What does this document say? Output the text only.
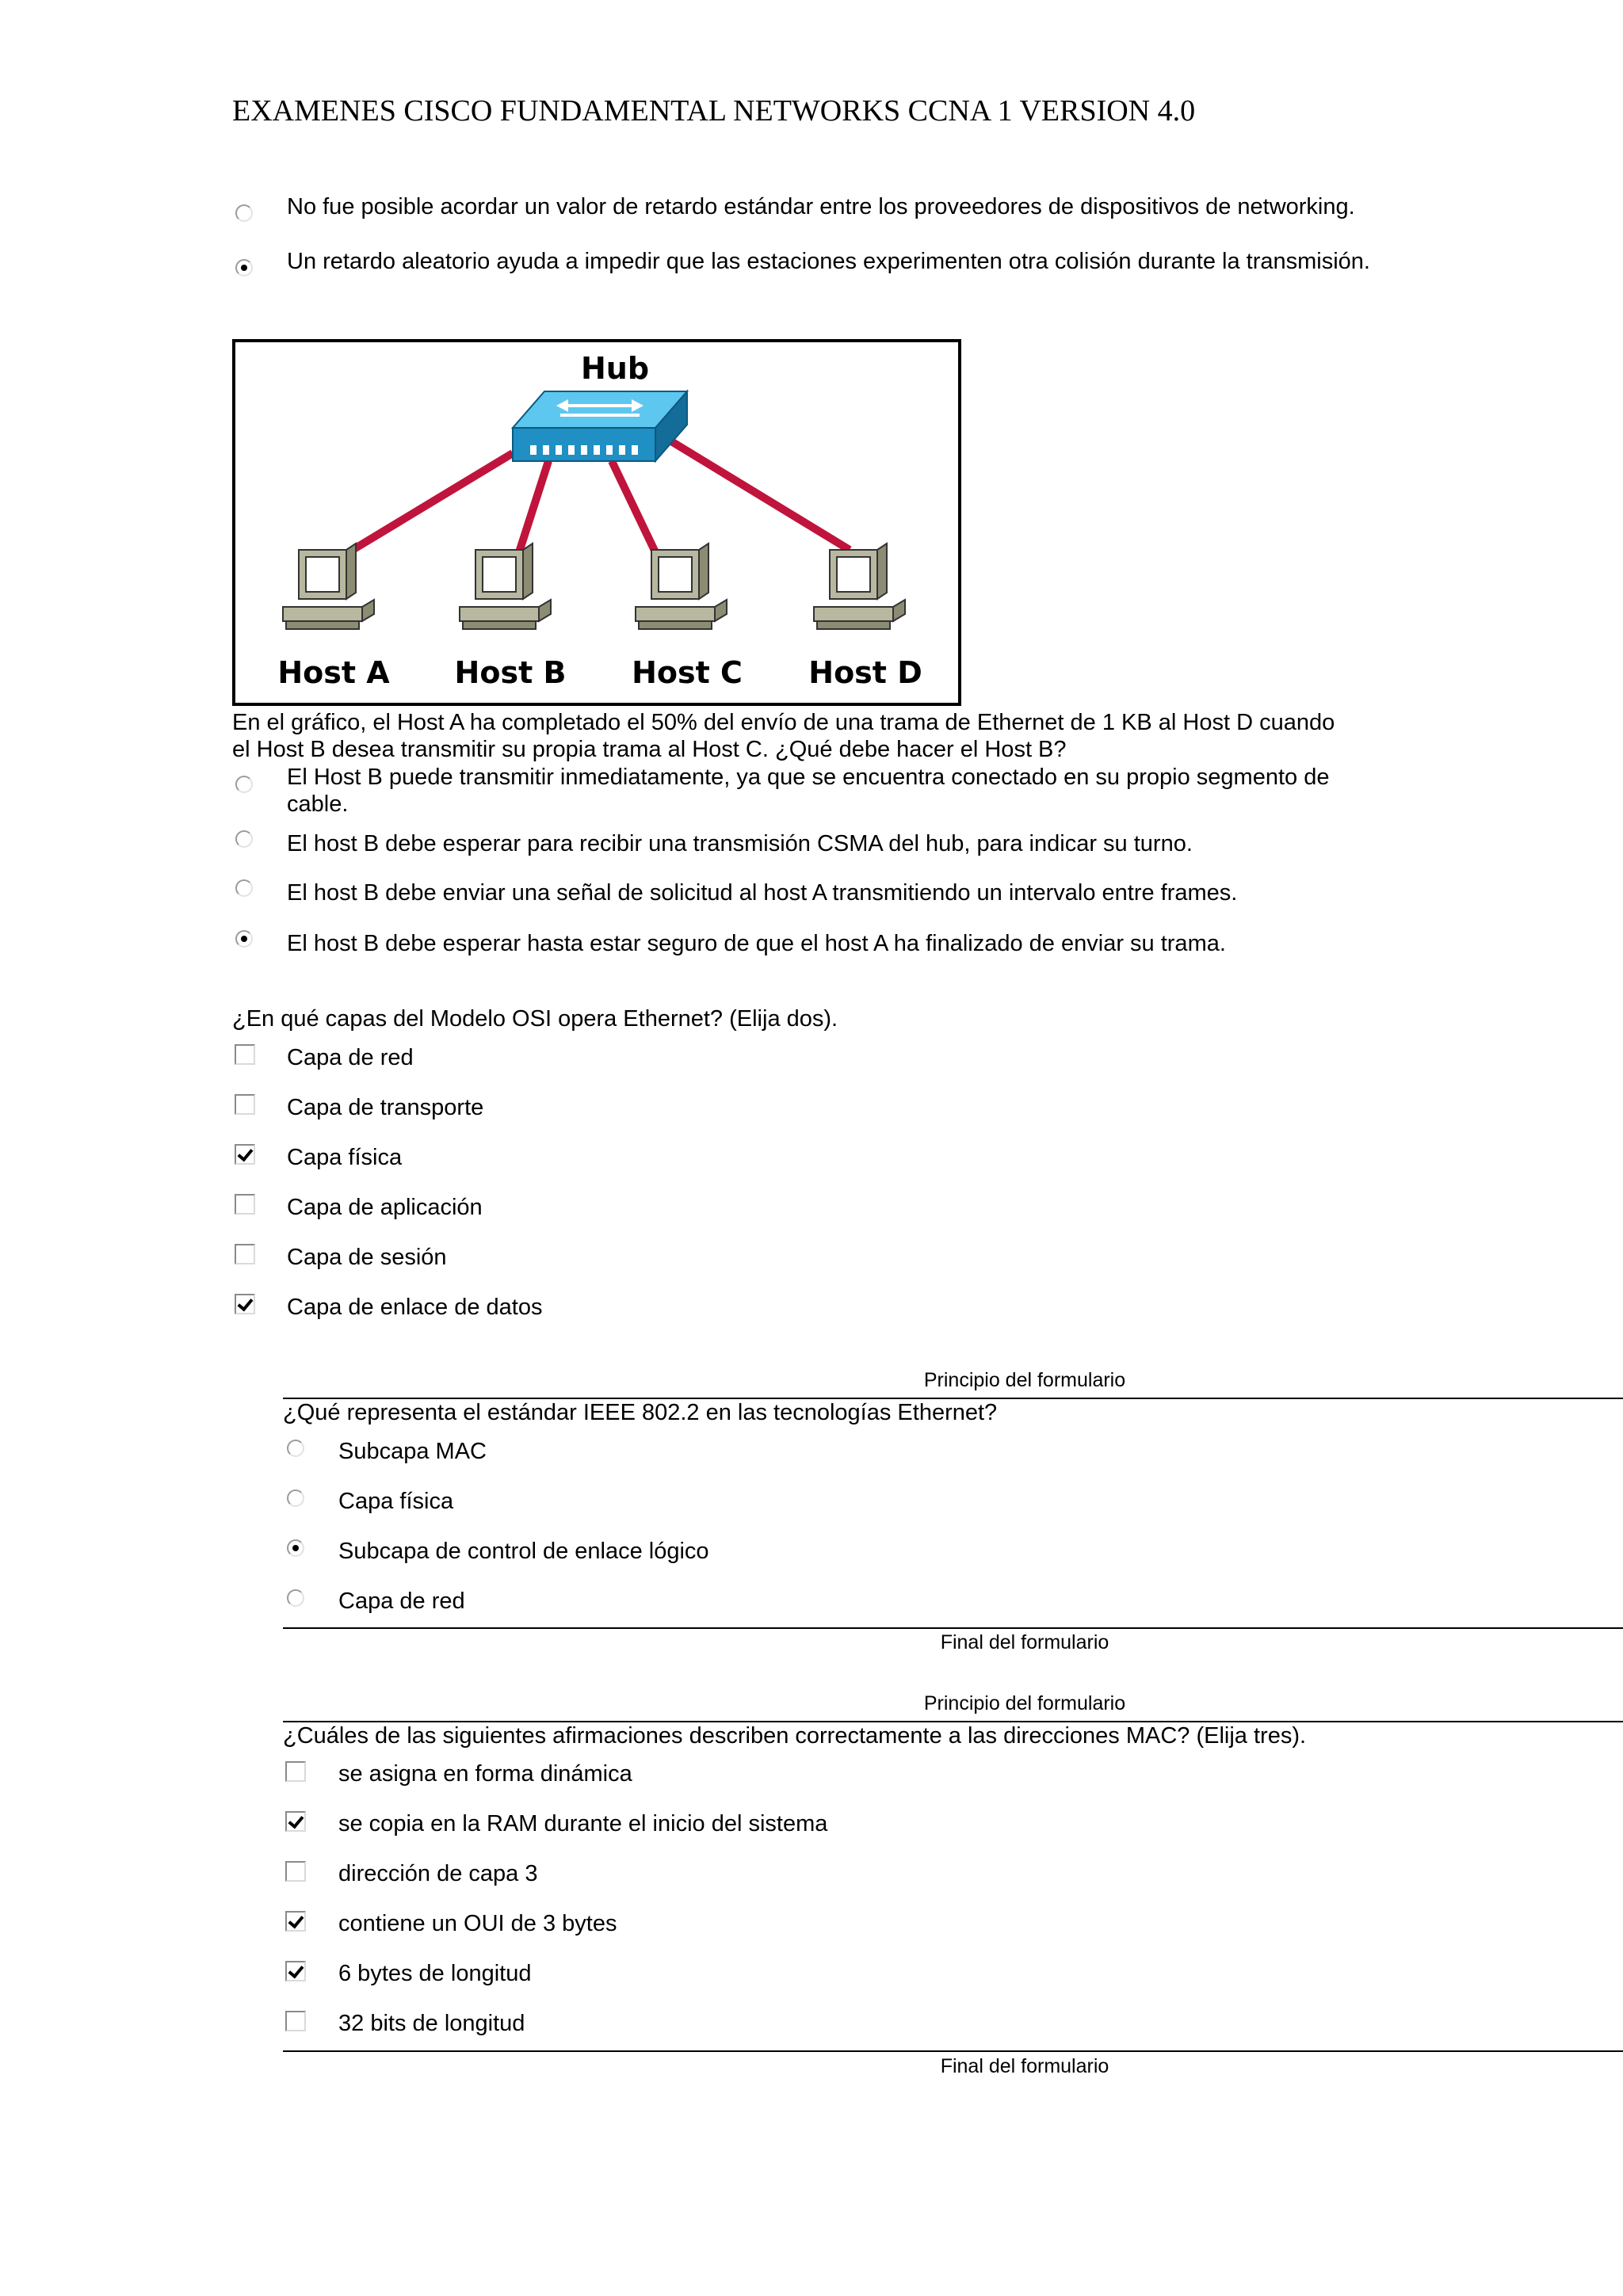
EXAMENES CISCO FUNDAMENTAL NETWORKS CCNA 1 VERSION 4.0
No fue posible acordar un valor de retardo estándar entre los proveedores de dispositivos de networking.
Un retardo aleatorio ayuda a impedir que las estaciones experimenten otra colisión durante la transmisión.
Hub
Host A Host B Host C Host D
En el gráfico, el Host A ha completado el 50% del envío de una trama de Ethernet de 1 KB al Host D cuando el Host B desea transmitir su propia trama al Host C. ¿Qué debe hacer el Host B?
El Host B puede transmitir inmediatamente, ya que se encuentra conectado en su propio segmento de cable.
El host B debe esperar para recibir una transmisión CSMA del hub, para indicar su turno.
El host B debe enviar una señal de solicitud al host A transmitiendo un intervalo entre frames.
El host B debe esperar hasta estar seguro de que el host A ha finalizado de enviar su trama.
¿En qué capas del Modelo OSI opera Ethernet? (Elija dos).
Capa de red
Capa de transporte
Capa física
Capa de aplicación
Capa de sesión
Capa de enlace de datos
Principio del formulario
¿Qué representa el estándar IEEE 802.2 en las tecnologías Ethernet?
Subcapa MAC
Capa física
Subcapa de control de enlace lógico
Capa de red
Final del formulario
Principio del formulario
¿Cuáles de las siguientes afirmaciones describen correctamente a las direcciones MAC? (Elija tres).
se asigna en forma dinámica
se copia en la RAM durante el inicio del sistema
dirección de capa 3
contiene un OUI de 3 bytes
6 bytes de longitud
32 bits de longitud
Final del formulario
